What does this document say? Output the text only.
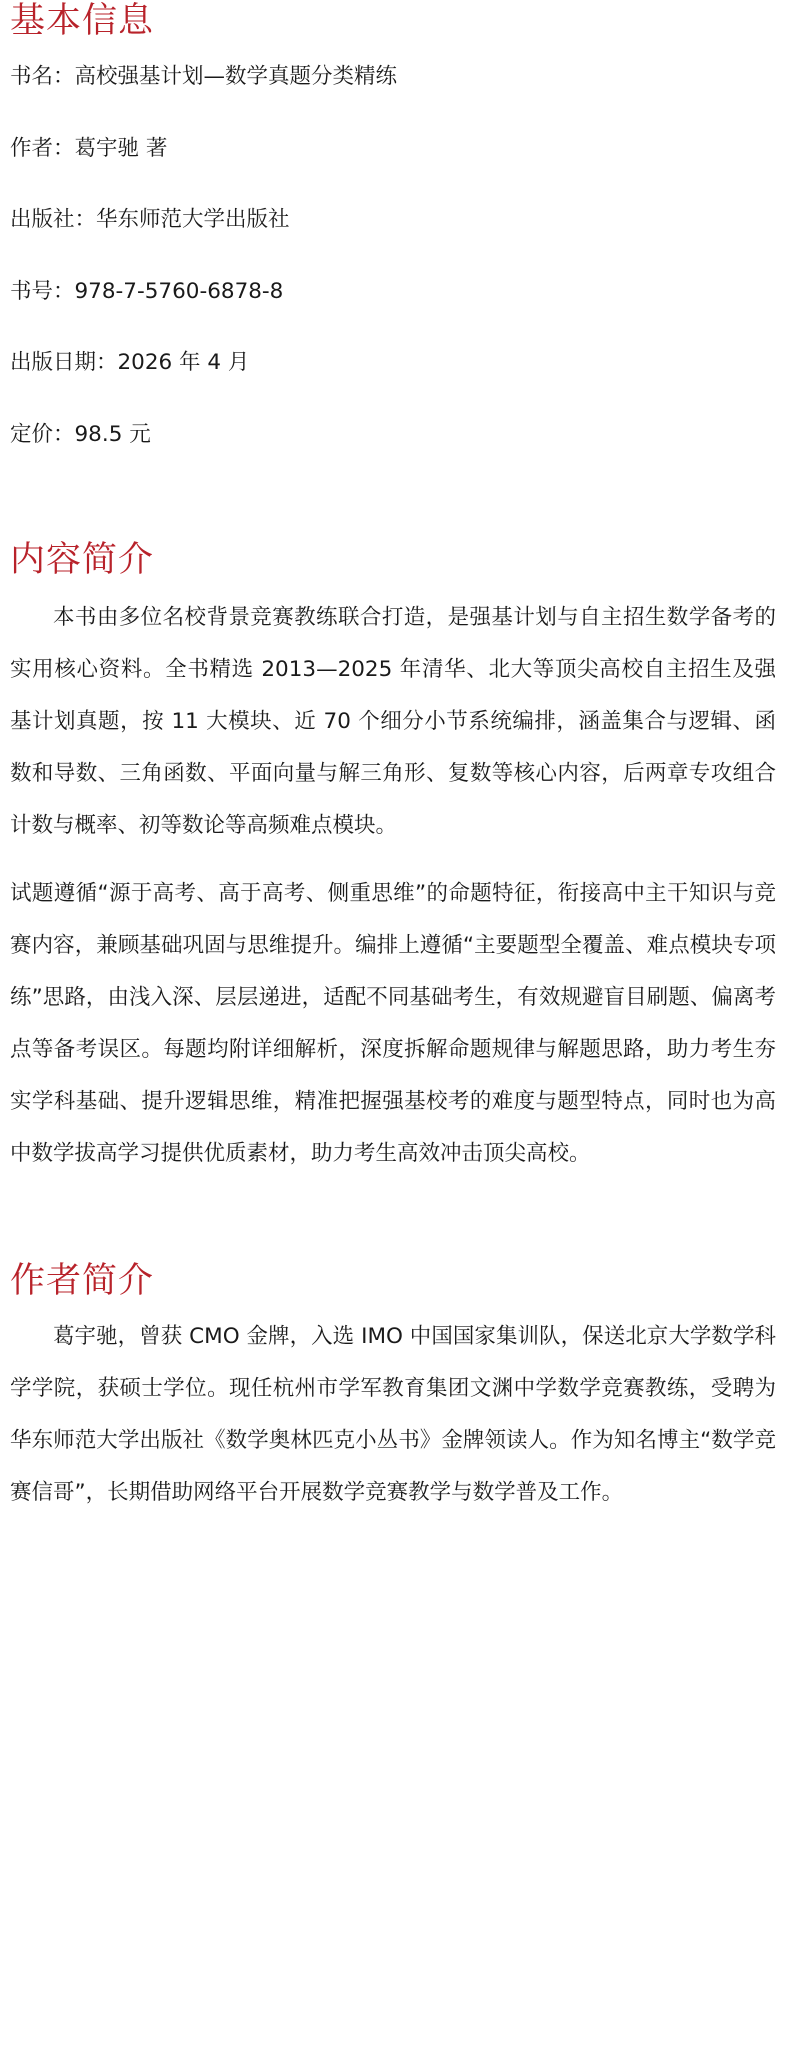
基本信息

书名：高校强基计划—数学真题分类精练

作者：葛宇驰 著

出版社：华东师范大学出版社

书号：978-7-5760-6878-8

出版日期：2026 年 4 月

定价：98.5 元

内容简介

本书由多位名校背景竞赛教练联合打造，是强基计划与自主招生数学备考的实用核心资料。全书精选 2013—2025 年清华、北大等顶尖高校自主招生及强基计划真题，按 11 大模块、近 70 个细分小节系统编排，涵盖集合与逻辑、函数和导数、三角函数、平面向量与解三角形、复数等核心内容，后两章专攻组合计数与概率、初等数论等高频难点模块。

试题遵循“源于高考、高于高考、侧重思维”的命题特征，衔接高中主干知识与竞赛内容，兼顾基础巩固与思维提升。编排上遵循“主要题型全覆盖、难点模块专项练”思路，由浅入深、层层递进，适配不同基础考生，有效规避盲目刷题、偏离考点等备考误区。每题均附详细解析，深度拆解命题规律与解题思路，助力考生夯实学科基础、提升逻辑思维，精准把握强基校考的难度与题型特点，同时也为高中数学拔高学习提供优质素材，助力考生高效冲击顶尖高校。

作者简介

葛宇驰，曾获 CMO 金牌，入选 IMO 中国国家集训队，保送北京大学数学科学学院，获硕士学位。现任杭州市学军教育集团文渊中学数学竞赛教练，受聘为华东师范大学出版社《数学奥林匹克小丛书》金牌领读人。作为知名博主“数学竞赛信哥”，长期借助网络平台开展数学竞赛教学与数学普及工作。
